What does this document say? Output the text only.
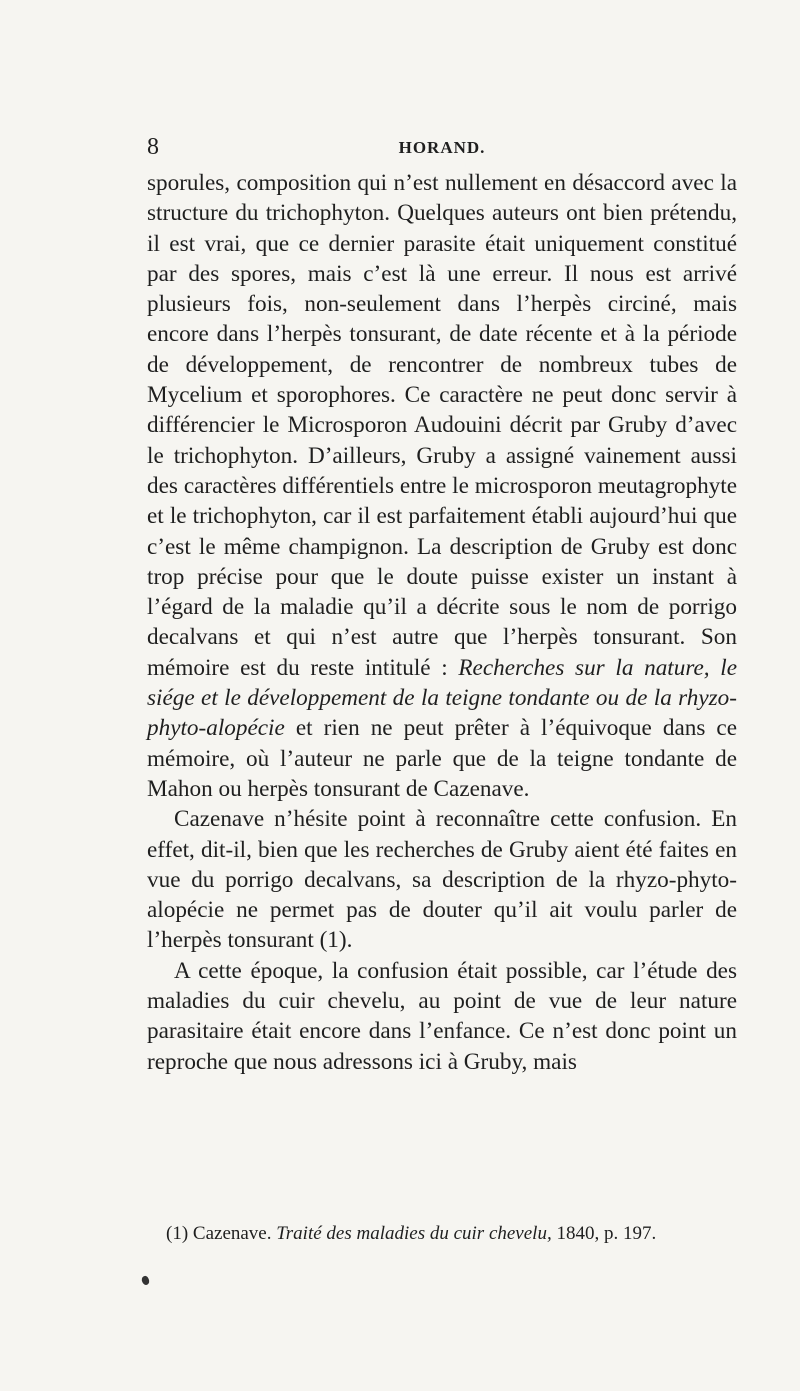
8	HORAND.

sporules, composition qui n’est nullement en désaccord avec la structure du trichophyton. Quelques auteurs ont bien prétendu, il est vrai, que ce dernier parasite était uniquement constitué par des spores, mais c’est là une erreur. Il nous est arrivé plusieurs fois, non-seulement dans l’herpès circiné, mais encore dans l’herpès tonsurant, de date récente et à la période de développement, de rencontrer de nombreux tubes de Mycelium et sporophores. Ce caractère ne peut donc servir à différencier le Microsporon Audouini décrit par Gruby d’avec le trichophyton. D’ailleurs, Gruby a assigné vainement aussi des caractères différentiels entre le microsporon meutagrophyte et le trichophyton, car il est parfaitement établi aujourd’hui que c’est le même champignon. La description de Gruby est donc trop précise pour que le doute puisse exister un instant à l’égard de la maladie qu’il a décrite sous le nom de porrigo decalvans et qui n’est autre que l’herpès tonsurant. Son mémoire est du reste intitulé : Recherches sur la nature, le siége et le développement de la teigne tondante ou de la rhyzo-phyto-alopécie et rien ne peut prêter à l’équivoque dans ce mémoire, où l’auteur ne parle que de la teigne tondante de Mahon ou herpès tonsurant de Cazenave.

Cazenave n’hésite point à reconnaître cette confusion. En effet, dit-il, bien que les recherches de Gruby aient été faites en vue du porrigo decalvans, sa description de la rhyzo-phyto-alopécie ne permet pas de douter qu’il ait voulu parler de l’herpès tonsurant (1).

A cette époque, la confusion était possible, car l’étude des maladies du cuir chevelu, au point de vue de leur nature parasitaire était encore dans l’enfance. Ce n’est donc point un reproche que nous adressons ici à Gruby, mais

(1) Cazenave. Traité des maladies du cuir chevelu, 1840, p. 197.
